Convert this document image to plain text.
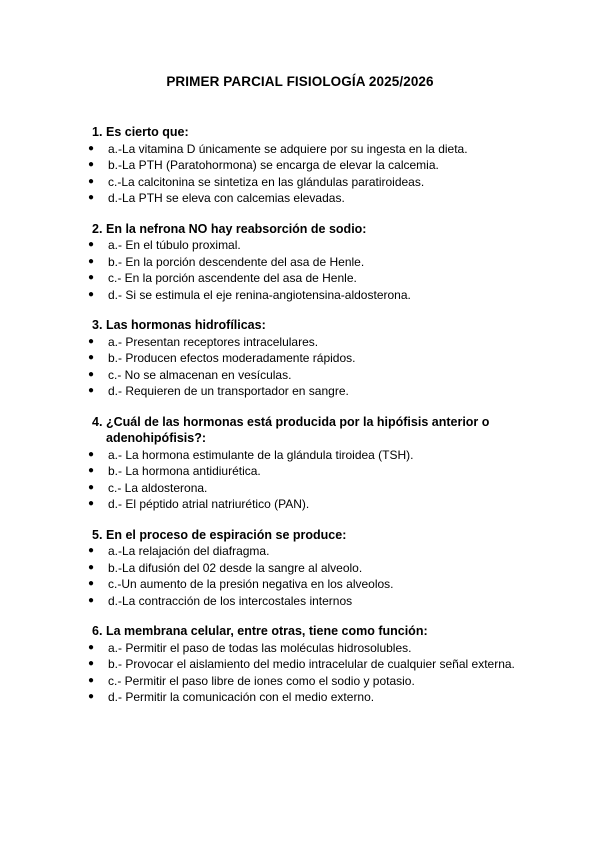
PRIMER PARCIAL FISIOLOGÍA 2025/2026
1. Es cierto que:
● a.-La vitamina D únicamente se adquiere por su ingesta en la dieta.
● b.-La PTH (Paratohormona) se encarga de elevar la calcemia.
● c.-La calcitonina se sintetiza en las glándulas paratiroideas.
● d.-La PTH se eleva con calcemias elevadas.
2. En la nefrona NO hay reabsorción de sodio:
● a.- En el túbulo proximal.
● b.- En la porción descendente del asa de Henle.
● c.- En la porción ascendente del asa de Henle.
● d.- Si se estimula el eje renina-angiotensina-aldosterona.
3. Las hormonas hidrofílicas:
● a.- Presentan receptores intracelulares.
● b.- Producen efectos moderadamente rápidos.
● c.- No se almacenan en vesículas.
● d.- Requieren de un transportador en sangre.
4. ¿Cuál de las hormonas está producida por la hipófisis anterior o adenohipófisis?:
● a.- La hormona estimulante de la glándula tiroidea (TSH).
● b.- La hormona antidiurética.
● c.- La aldosterona.
● d.- El péptido atrial natriurético (PAN).
5. En el proceso de espiración se produce:
● a.-La relajación del diafragma.
● b.-La difusión del 02 desde la sangre al alveolo.
● c.-Un aumento de la presión negativa en los alveolos.
● d.-La contracción de los intercostales internos
6. La membrana celular, entre otras, tiene como función:
● a.- Permitir el paso de todas las moléculas hidrosolubles.
● b.- Provocar el aislamiento del medio intracelular de cualquier señal externa.
● c.- Permitir el paso libre de iones como el sodio y potasio.
● d.- Permitir la comunicación con el medio externo.
